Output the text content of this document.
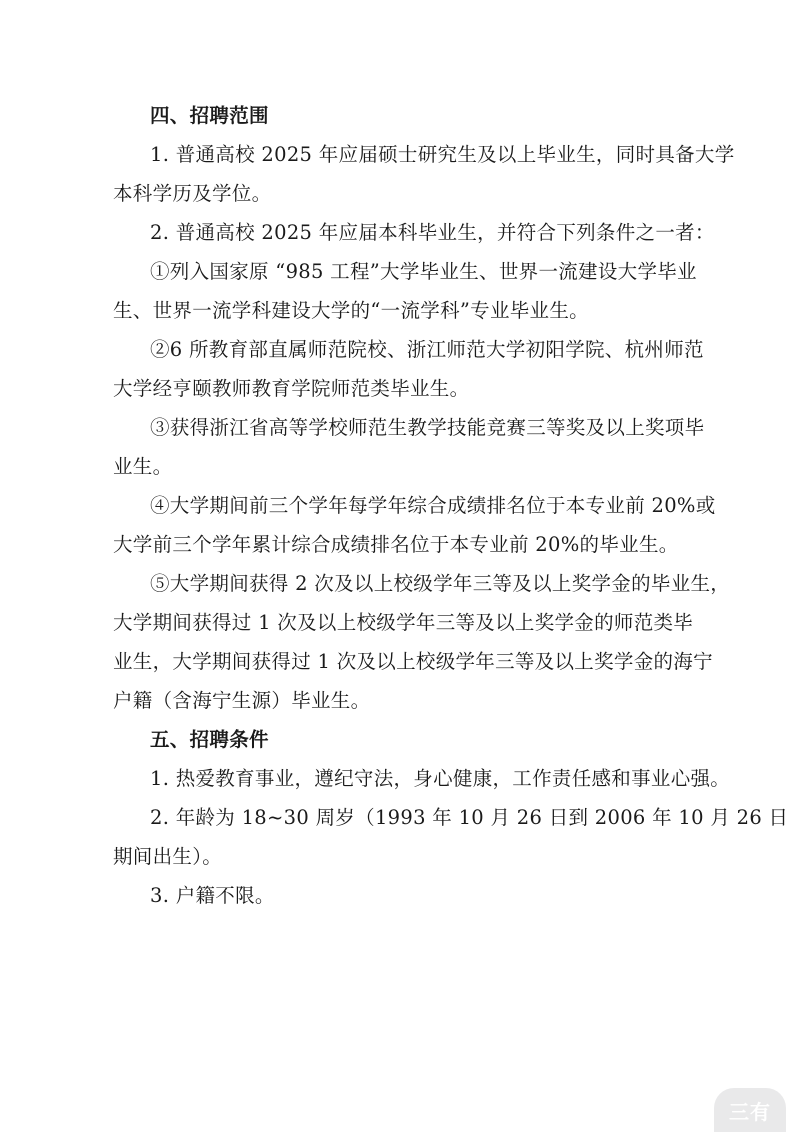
四、招聘范围
1. 普通高校 2025 年应届硕士研究生及以上毕业生，同时具备大学
本科学历及学位。
2. 普通高校 2025 年应届本科毕业生，并符合下列条件之一者：
①列入国家原 “985 工程”大学毕业生、世界一流建设大学毕业
生、世界一流学科建设大学的“一流学科”专业毕业生。
②6 所教育部直属师范院校、浙江师范大学初阳学院、杭州师范
大学经亨颐教师教育学院师范类毕业生。
③获得浙江省高等学校师范生教学技能竞赛三等奖及以上奖项毕
业生。
④大学期间前三个学年每学年综合成绩排名位于本专业前 20%或
大学前三个学年累计综合成绩排名位于本专业前 20%的毕业生。
⑤大学期间获得 2 次及以上校级学年三等及以上奖学金的毕业生，
大学期间获得过 1 次及以上校级学年三等及以上奖学金的师范类毕
业生，大学期间获得过 1 次及以上校级学年三等及以上奖学金的海宁
户籍（含海宁生源）毕业生。
五、招聘条件
1. 热爱教育事业，遵纪守法，身心健康，工作责任感和事业心强。
2. 年龄为 18~30 周岁（1993 年 10 月 26 日到 2006 年 10 月 26 日
期间出生）。
3. 户籍不限。
三有
